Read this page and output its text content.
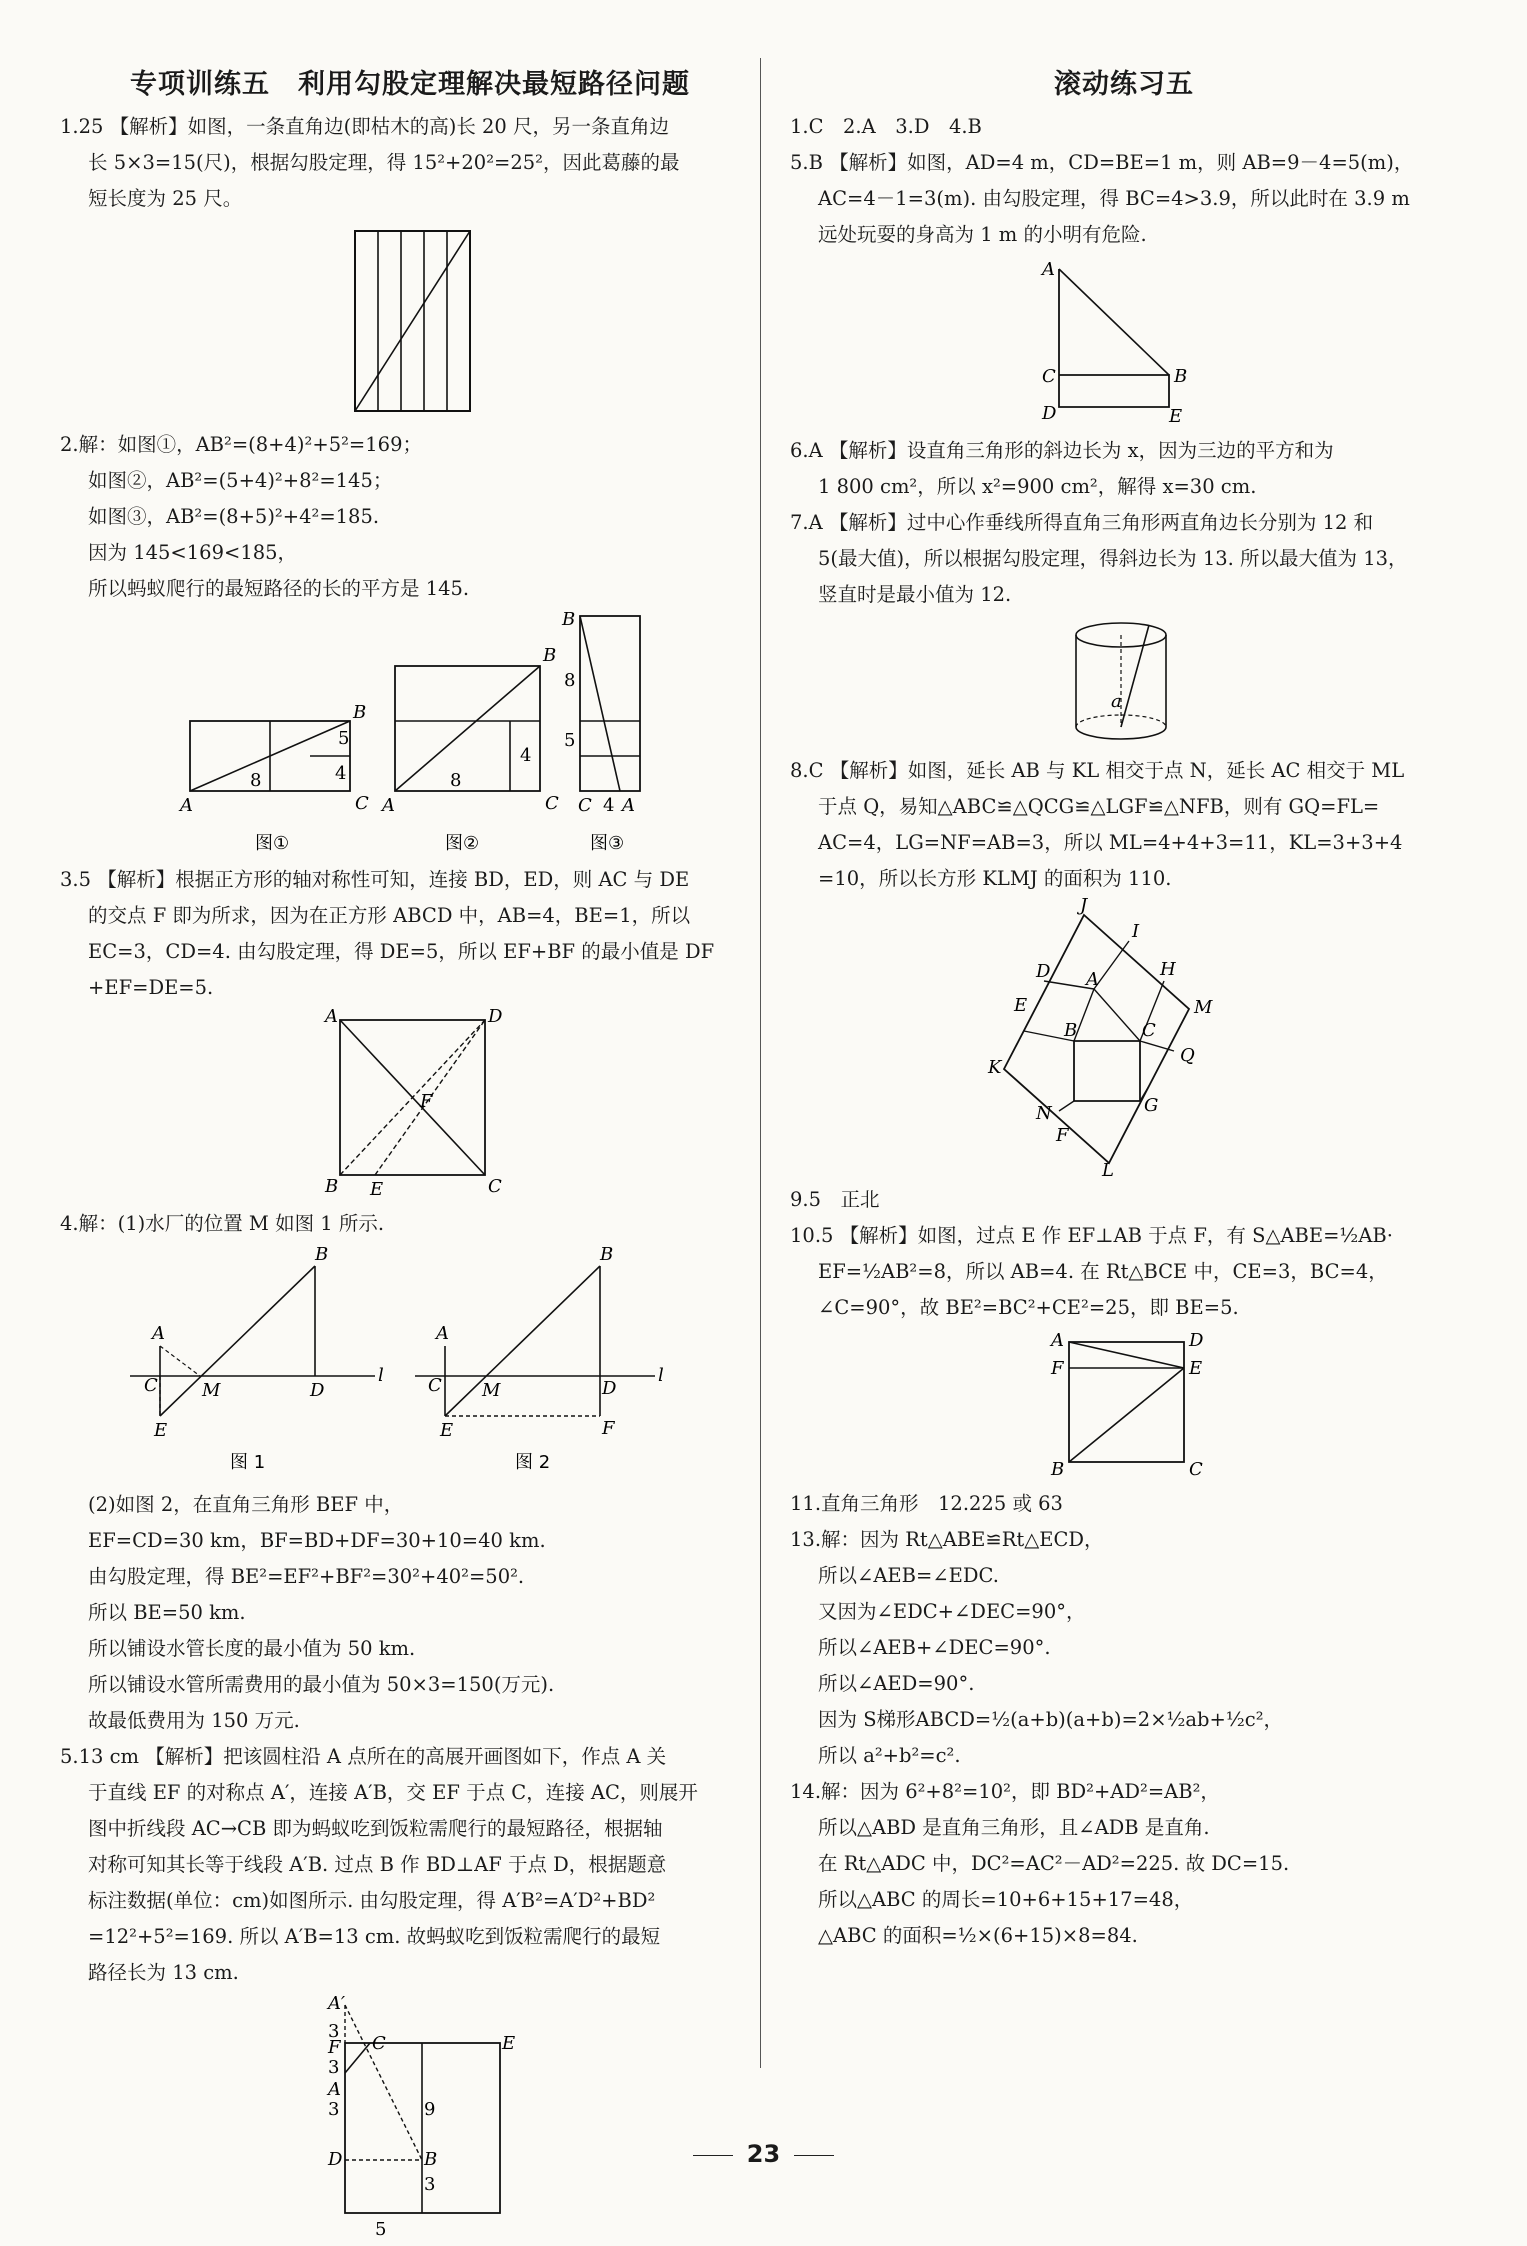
专项训练五　利用勾股定理解决最短路径问题
1.25 【解析】如图，一条直角边(即枯木的高)长 20 尺，另一条直角边
长 5×3=15(尺)，根据勾股定理，得 15²+20²=25²，因此葛藤的最
短长度为 25 尺。
2.解：如图①，AB²=(8+4)²+5²=169；
如图②，AB²=(5+4)²+8²=145；
如图③，AB²=(8+5)²+4²=185.
因为 145<169<185，
所以蚂蚁爬行的最短路径的长的平方是 145.
A
B
C
8	4
5
图①
A
B
C
8
4
图②
B
C A
8
5
4
图③
3.5 【解析】根据正方形的轴对称性可知，连接 BD，ED，则 AC 与 DE
的交点 F 即为所求，因为在正方形 ABCD 中，AB=4，BE=1，所以
EC=3，CD=4. 由勾股定理，得 DE=5，所以 EF+BF 的最小值是 DF
+EF=DE=5.
A	D
B E	C
F
4.解：(1)水厂的位置 M 如图 1 所示.
A
B
C	D
E
M
l
图 1
A
B
C	D
E	F
M
l
图 2
(2)如图 2，在直角三角形 BEF 中，
EF=CD=30 km，BF=BD+DF=30+10=40 km.
由勾股定理，得 BE²=EF²+BF²=30²+40²=50².
所以 BE=50 km.
所以铺设水管长度的最小值为 50 km.
所以铺设水管所需费用的最小值为 50×3=150(万元).
故最低费用为 150 万元.
5.13 cm 【解析】把该圆柱沿 A 点所在的高展开画图如下，作点 A 关
于直线 EF 的对称点 A′，连接 A′B，交 EF 于点 C，连接 AC，则展开
图中折线段 AC→CB 即为蚂蚁吃到饭粒需爬行的最短路径，根据轴
对称可知其长等于线段 A′B. 过点 B 作 BD⊥AF 于点 D，根据题意
标注数据(单位：cm)如图所示. 由勾股定理，得 A′B²=A′D²+BD²
=12²+5²=169. 所以 A′B=13 cm. 故蚂蚁吃到饭粒需爬行的最短
路径长为 13 cm.
A′
3
F C	E
3
A
3
D
9
B
3
5
滚动练习五
1.C　2.A　3.D　4.B
5.B 【解析】如图，AD=4 m，CD=BE=1 m，则 AB=9－4=5(m)，
AC=4－1=3(m). 由勾股定理，得 BC=4>3.9，所以此时在 3.9 m
远处玩耍的身高为 1 m 的小明有危险.
A
C	B
D	E
6.A 【解析】设直角三角形的斜边长为 x，因为三边的平方和为
1 800 cm²，所以 x²=900 cm²，解得 x=30 cm.
7.A 【解析】过中心作垂线所得直角三角形两直角边长分别为 12 和
5(最大值)，所以根据勾股定理，得斜边长为 13. 所以最大值为 13，
竖直时是最小值为 12.
a
8.C 【解析】如图，延长 AB 与 KL 相交于点 N，延长 AC 相交于 ML
于点 Q，易知△ABC≌△QCG≌△LGF≌△NFB，则有 GQ=FL=
AC=4，LG=NF=AB=3，所以 ML=4+4+3=11，KL=3+3+4
=10，所以长方形 KLMJ 的面积为 110.
J
I
D A	H
M
E
B	C
K
Q
N
F
G
L
9.5　正北
10.5 【解析】如图，过点 E 作 EF⊥AB 于点 F，有 S△ABE=½AB·
EF=½AB²=8，所以 AB=4. 在 Rt△BCE 中，CE=3，BC=4，
∠C=90°，故 BE²=BC²+CE²=25，即 BE=5.
A	D
F	E
B	C
11.直角三角形　12.225 或 63
13.解：因为 Rt△ABE≌Rt△ECD，
所以∠AEB=∠EDC.
又因为∠EDC+∠DEC=90°，
所以∠AEB+∠DEC=90°.
所以∠AED=90°.
因为 S梯形ABCD=½(a+b)(a+b)=2×½ab+½c²，
所以 a²+b²=c².
14.解：因为 6²+8²=10²，即 BD²+AD²=AB²，
所以△ABD 是直角三角形，且∠ADB 是直角.
在 Rt△ADC 中，DC²=AC²－AD²=225. 故 DC=15.
所以△ABC 的周长=10+6+15+17=48，
△ABC 的面积=½×(6+15)×8=84.
23
